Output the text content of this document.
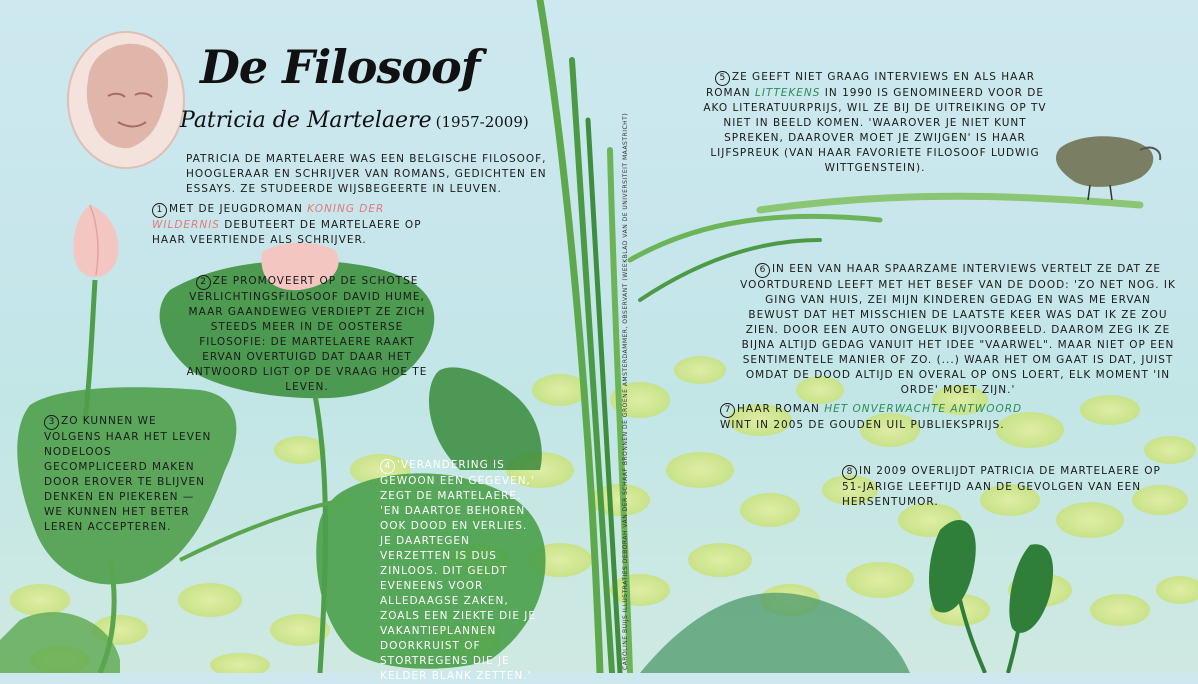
De Filosoof
Patricia de Martelaere (1957-2009)
PATRICIA DE MARTELAERE WAS EEN BELGISCHE FILOSOOF, HOOGLERAAR EN SCHRIJVER VAN ROMANS, GEDICHTEN EN ESSAYS. ZE STUDEERDE WIJSBEGEERTE IN LEUVEN.
1 MET DE JEUGDROMAN KONING DER WILDERNIS DEBUTEERT DE MARTELAERE OP HAAR VEERTIENDE ALS SCHRIJVER.
2 ZE PROMOVEERT OP DE SCHOTSE VERLICHTINGSFILOSOOF DAVID HUME, MAAR GAANDEWEG VERDIEPT ZE ZICH STEEDS MEER IN DE OOSTERSE FILOSOFIE: DE MARTELAERE RAAKT ERVAN OVERTUIGD DAT DAAR HET ANTWOORD LIGT OP DE VRAAG HOE TE LEVEN.
3 ZO KUNNEN WE VOLGENS HAAR HET LEVEN NODELOOS GECOMPLICEERD MAKEN DOOR EROVER TE BLIJVEN DENKEN EN PIEKEREN — WE KUNNEN HET BETER LEREN ACCEPTEREN.
4 'VERANDERING IS GEWOON EEN GEGEVEN,' ZEGT DE MARTELAERE. 'EN DAARTOE BEHOREN OOK DOOD EN VERLIES. JE DAARTEGEN VERZETTEN IS DUS ZINLOOS. DIT GELDT EVENEENS VOOR ALLEDAAGSE ZAKEN, ZOALS EEN ZIEKTE DIE JE VAKANTIEPLANNEN DOORKRUIST OF STORTREGENS DIE JE KELDER BLANK ZETTEN.'
CAROLINE BUIJS ILLUSTRATIES DEBORAH VAN DER SCHAAF BRONNEN DE GROENE AMSTERDAMMER, OBSERVANT (WEEKBLAD VAN DE UNIVERSITEIT MAASTRICHT)
5 ZE GEEFT NIET GRAAG INTERVIEWS EN ALS HAAR ROMAN LITTEKENS IN 1990 IS GENOMINEERD VOOR DE AKO LITERATUURPRIJS, WIL ZE BIJ DE UITREIKING OP TV NIET IN BEELD KOMEN. 'WAAROVER JE NIET KUNT SPREKEN, DAAROVER MOET JE ZWIJGEN' IS HAAR LIJFSPREUK (VAN HAAR FAVORIETE FILOSOOF LUDWIG WITTGENSTEIN).
6 IN EEN VAN HAAR SPAARZAME INTERVIEWS VERTELT ZE DAT ZE VOORTDUREND LEEFT MET HET BESEF VAN DE DOOD: 'ZO NET NOG. IK GING VAN HUIS, ZEI MIJN KINDEREN GEDAG EN WAS ME ERVAN BEWUST DAT HET MISSCHIEN DE LAATSTE KEER WAS DAT IK ZE ZOU ZIEN. DOOR EEN AUTO ONGELUK BIJVOORBEELD. DAAROM ZEG IK ZE BIJNA ALTIJD GEDAG VANUIT HET IDEE "VAARWEL". MAAR NIET OP EEN SENTIMENTELE MANIER OF ZO. (...) WAAR HET OM GAAT IS DAT, JUIST OMDAT DE DOOD ALTIJD EN OVERAL OP ONS LOERT, ELK MOMENT 'IN ORDE' MOET ZIJN.'
7 HAAR ROMAN HET ONVERWACHTE ANTWOORD WINT IN 2005 DE GOUDEN UIL PUBLIEKSPRIJS.
8 IN 2009 OVERLIJDT PATRICIA DE MARTELAERE OP 51-JARIGE LEEFTIJD AAN DE GEVOLGEN VAN EEN HERSENTUMOR.
